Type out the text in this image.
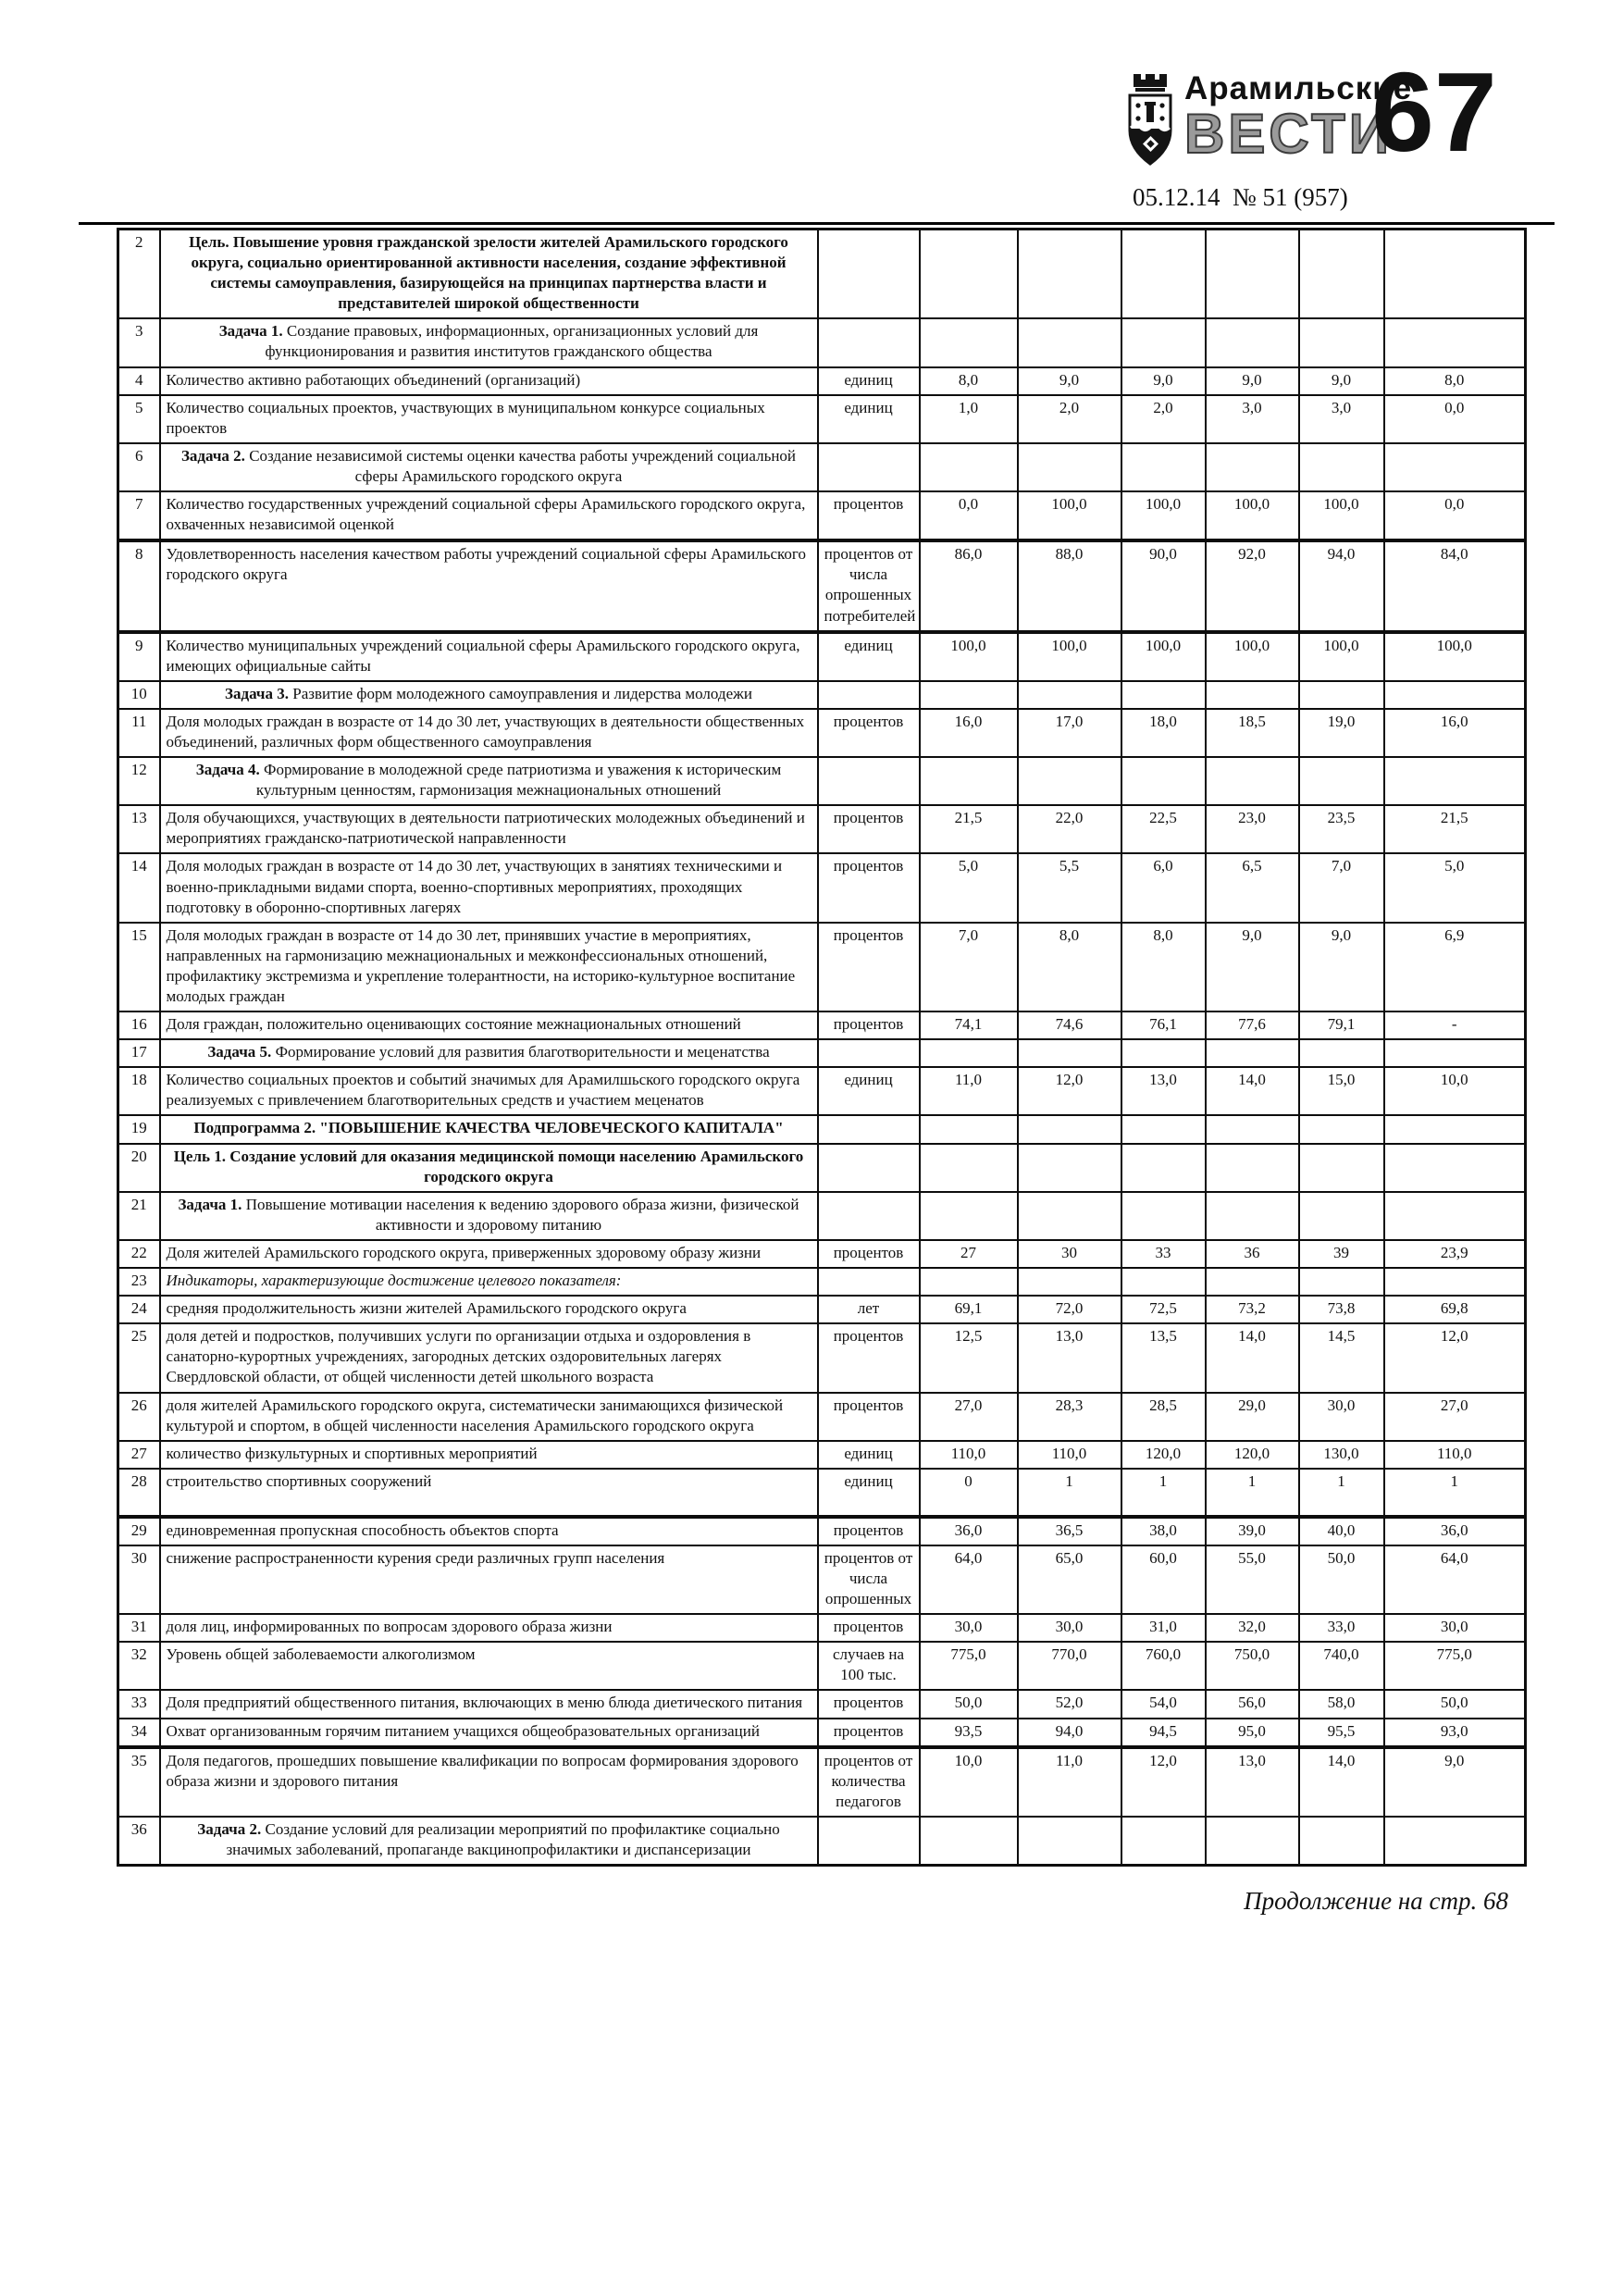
Арамильские
ВЕСТИ
67
05.12.14  № 51 (957)
2	Цель. Повышение уровня гражданской зрелости жителей Арамильского городского округа, социально ориентированной активности населения, создание эффективной системы самоуправления, базирующейся на принципах партнерства власти и представителей широкой общественности							
3	Задача 1. Создание правовых, информационных, организационных условий для функционирования и развития институтов гражданского общества							
4	Количество активно работающих объединений (организаций)	единиц	8,0	9,0	9,0	9,0	9,0	8,0
5	Количество социальных проектов, участвующих в муниципальном конкурсе социальных проектов	единиц	1,0	2,0	2,0	3,0	3,0	0,0
6	Задача 2. Создание независимой системы оценки качества работы учреждений социальной сферы Арамильского городского округа							
7	Количество государственных учреждений социальной сферы Арамильского городского округа, охваченных независимой оценкой	процентов	0,0	100,0	100,0	100,0	100,0	0,0
8	Удовлетворенность населения качеством работы учреждений социальной сферы Арамильского городского округа	процентов от числа опрошенных потребителей	86,0	88,0	90,0	92,0	94,0	84,0
9	Количество муниципальных учреждений социальной сферы Арамильского городского округа, имеющих официальные сайты	единиц	100,0	100,0	100,0	100,0	100,0	100,0
10	Задача 3. Развитие форм молодежного самоуправления и лидерства молодежи							
11	Доля молодых граждан в возрасте от 14 до 30 лет, участвующих в деятельности общественных объединений, различных форм общественного самоуправления	процентов	16,0	17,0	18,0	18,5	19,0	16,0
12	Задача 4. Формирование в молодежной среде патриотизма и уважения к историческим культурным ценностям, гармонизация межнациональных отношений							
13	Доля обучающихся, участвующих в деятельности патриотических молодежных объединений и мероприятиях гражданско-патриотической направленности	процентов	21,5	22,0	22,5	23,0	23,5	21,5
14	Доля молодых граждан в возрасте от 14 до 30 лет, участвующих в занятиях техническими и военно-прикладными видами спорта, военно-спортивных мероприятиях, проходящих подготовку в оборонно-спортивных лагерях	процентов	5,0	5,5	6,0	6,5	7,0	5,0
15	Доля молодых граждан в возрасте от 14 до 30 лет, принявших участие в мероприятиях, направленных на гармонизацию межнациональных и межконфессиональных отношений, профилактику экстремизма и укрепление толерантности, на историко-культурное воспитание молодых граждан	процентов	7,0	8,0	8,0	9,0	9,0	6,9
16	Доля граждан, положительно оценивающих состояние межнациональных отношений	процентов	74,1	74,6	76,1	77,6	79,1	-
17	Задача 5. Формирование условий для развития благотворительности и меценатства							
18	Количество социальных проектов и событий значимых для Арамилшьского городского округа реализуемых с привлечением благотворительных средств и участием меценатов	единиц	11,0	12,0	13,0	14,0	15,0	10,0
19	Подпрограмма 2. "ПОВЫШЕНИЕ КАЧЕСТВА ЧЕЛОВЕЧЕСКОГО КАПИТАЛА"							
20	Цель 1. Создание условий для оказания медицинской помощи населению Арамильского городского округа							
21	Задача 1. Повышение мотивации населения к ведению здорового образа жизни, физической активности и здоровому питанию							
22	Доля жителей Арамильского городского округа, приверженных здоровому образу жизни	процентов	27	30	33	36	39	23,9
23	Индикаторы, характеризующие достижение целевого показателя:							
24	средняя продолжительность жизни жителей Арамильского городского округа	лет	69,1	72,0	72,5	73,2	73,8	69,8
25	доля детей и подростков, получивших услуги по организации отдыха и оздоровления в санаторно-курортных учреждениях, загородных детских оздоровительных лагерях Свердловской области, от общей численности детей школьного возраста	процентов	12,5	13,0	13,5	14,0	14,5	12,0
26	доля жителей Арамильского городского округа, систематически занимающихся физической культурой и спортом, в общей численности населения Арамильского городского округа	процентов	27,0	28,3	28,5	29,0	30,0	27,0
27	количество физкультурных и спортивных мероприятий	единиц	110,0	110,0	120,0	120,0	130,0	110,0
28	строительство спортивных сооружений	единиц	0	1	1	1	1	1
29	единовременная пропускная способность объектов спорта	процентов	36,0	36,5	38,0	39,0	40,0	36,0
30	снижение распространенности курения среди различных групп населения	процентов от числа опрошенных	64,0	65,0	60,0	55,0	50,0	64,0
31	доля лиц, информированных по вопросам здорового образа жизни	процентов	30,0	30,0	31,0	32,0	33,0	30,0
32	Уровень общей заболеваемости алкоголизмом	случаев на 100 тыс.	775,0	770,0	760,0	750,0	740,0	775,0
33	Доля предприятий общественного питания, включающих в меню блюда диетического питания	процентов	50,0	52,0	54,0	56,0	58,0	50,0
34	Охват организованным горячим питанием учащихся общеобразовательных организаций	процентов	93,5	94,0	94,5	95,0	95,5	93,0
35	Доля педагогов, прошедших повышение квалификации по вопросам формирования здорового образа жизни и здорового питания	процентов от количества педагогов	10,0	11,0	12,0	13,0	14,0	9,0
36	Задача 2. Создание условий для реализации мероприятий по профилактике социально значимых заболеваний, пропаганде вакцинопрофилактики и диспансеризации							
Продолжение на стр. 68
